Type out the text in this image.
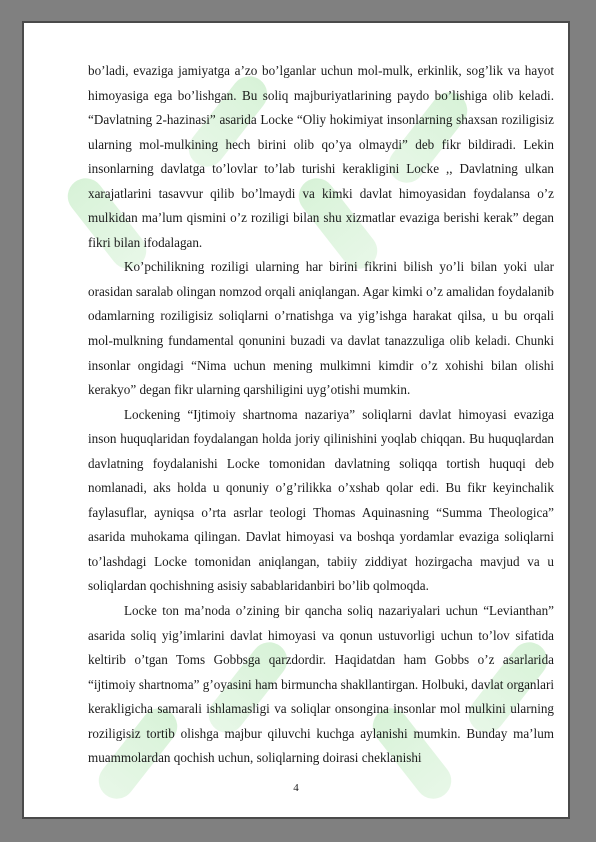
bo’ladi, evaziga jamiyatga a’zo bo’lganlar uchun mol-mulk, erkinlik, sog’lik va hayot himoyasiga ega bo’lishgan. Bu soliq majburiyatlarining paydo bo’lishiga olib keladi. “Davlatning 2-hazinasi” asarida Locke “Oliy hokimiyat insonlarning shaxsan roziligisiz ularning mol-mulkining hech birini olib qo’ya olmaydi” deb fikr bildiradi. Lekin insonlarning davlatga to’lovlar to’lab turishi kerakligini Locke ,, Davlatning ulkan xarajatlarini tasavvur qilib bo’lmaydi va kimki davlat himoyasidan foydalansa o’z mulkidan ma’lum qismini o’z roziligi bilan shu xizmatlar evaziga berishi kerak” degan fikri bilan ifodalagan.

Ko’pchilikning roziligi ularning har birini fikrini bilish yo’li bilan yoki ular orasidan saralab olingan nomzod orqali aniqlangan. Agar kimki o’z amalidan foydalanib odamlarning roziligisiz soliqlarni o’rnatishga va yig’ishga harakat qilsa, u bu orqali mol-mulkning fundamental qonunini buzadi va davlat tanazzuliga olib keladi. Chunki insonlar ongidagi “Nima uchun mening mulkimni kimdir o’z xohishi bilan olishi kerakyo” degan fikr ularning qarshiligini uyg’otishi mumkin.

Lockening “Ijtimoiy shartnoma nazariya” soliqlarni davlat himoyasi evaziga inson huquqlaridan foydalangan holda joriy qilinishini yoqlab chiqqan. Bu huquqlardan davlatning foydalanishi Locke tomonidan davlatning soliqqa tortish huquqi deb nomlanadi, aks holda u qonuniy o’g’rilikka o’xshab qolar edi. Bu fikr keyinchalik faylasuflar, ayniqsa o’rta asrlar teologi Thomas Aquinasning “Summa Theologica” asarida muhokama qilingan. Davlat himoyasi va boshqa yordamlar evaziga soliqlarni to’lashdagi Locke tomonidan aniqlangan, tabiiy ziddiyat hozirgacha mavjud va u soliqlardan qochishning asisiy sabablaridanbiri bo’lib qolmoqda.

Locke ton ma’noda o’zining bir qancha soliq nazariyalari uchun “Levianthan” asarida soliq yig’imlarini davlat himoyasi va qonun ustuvorligi uchun to’lov sifatida keltirib o’tgan Toms Gobbsga qarzdordir. Haqidatdan ham Gobbs o’z asarlarida “ijtimoiy shartnoma” g’oyasini ham birmuncha shakllantirgan. Holbuki, davlat organlari kerakligicha samarali ishlamasligi va soliqlar onsongina insonlar mol mulkini ularning roziligisiz tortib olishga majbur qiluvchi kuchga aylanishi mumkin. Bunday ma’lum muammolardan qochish uchun, soliqlarning doirasi cheklanishi

4
